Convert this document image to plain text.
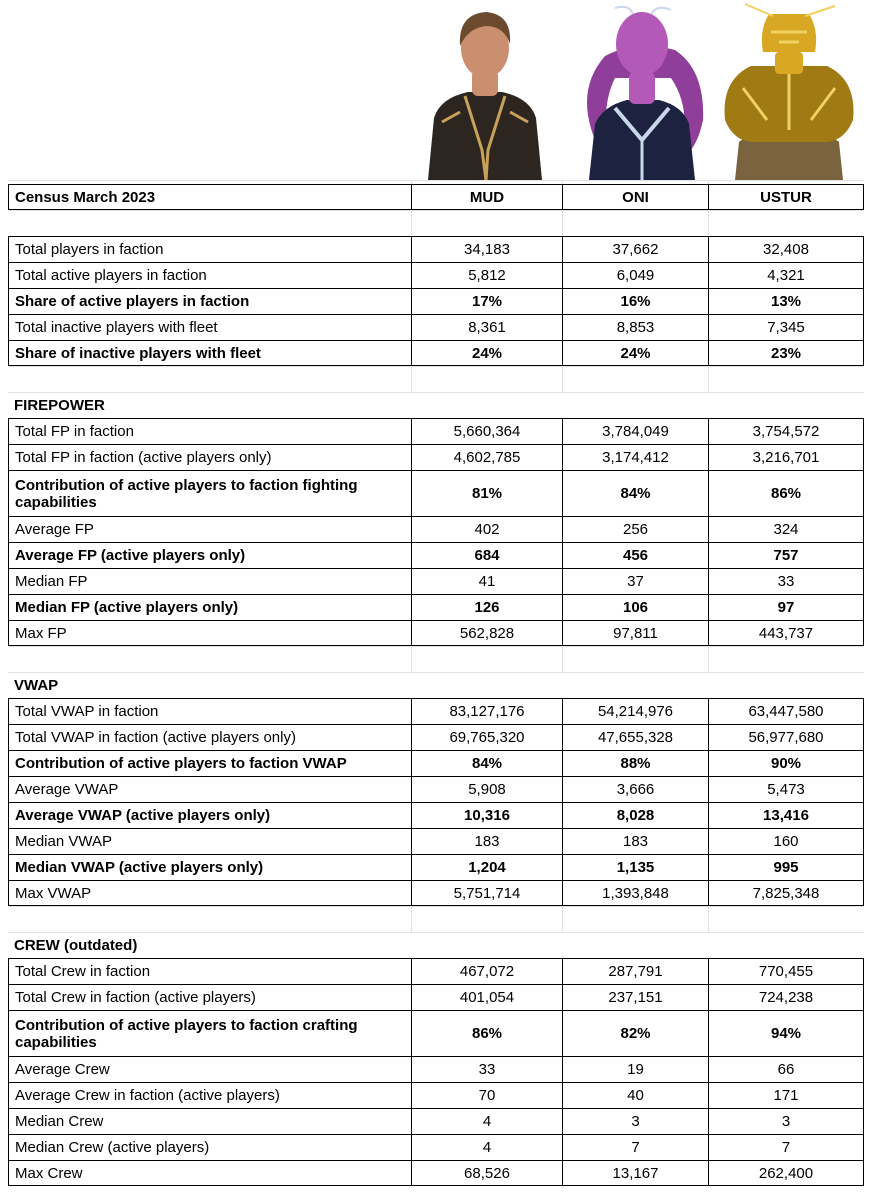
Census March 2023	MUD	ONI	USTUR
Total players in faction	34,183	37,662	32,408
Total active players in faction	5,812	6,049	4,321
Share of active players in faction	17%	16%	13%
Total inactive players with fleet	8,361	8,853	7,345
Share of inactive players with fleet	24%	24%	23%
FIREPOWER
Total FP in faction	5,660,364	3,784,049	3,754,572
Total FP in faction (active players only)	4,602,785	3,174,412	3,216,701
Contribution of active players to faction fighting capabilities	81%	84%	86%
Average FP	402	256	324
Average FP (active players only)	684	456	757
Median FP	41	37	33
Median FP (active players only)	126	106	97
Max FP	562,828	97,811	443,737
VWAP
Total VWAP in faction	83,127,176	54,214,976	63,447,580
Total VWAP in faction (active players only)	69,765,320	47,655,328	56,977,680
Contribution of active players to faction VWAP	84%	88%	90%
Average VWAP	5,908	3,666	5,473
Average VWAP (active players only)	10,316	8,028	13,416
Median VWAP	183	183	160
Median VWAP (active players only)	1,204	1,135	995
Max VWAP	5,751,714	1,393,848	7,825,348
CREW (outdated)
Total Crew in faction	467,072	287,791	770,455
Total Crew in faction (active players)	401,054	237,151	724,238
Contribution of active players to faction crafting capabilities	86%	82%	94%
Average Crew	33	19	66
Average Crew in faction (active players)	70	40	171
Median Crew	4	3	3
Median Crew (active players)	4	7	7
Max Crew	68,526	13,167	262,400
